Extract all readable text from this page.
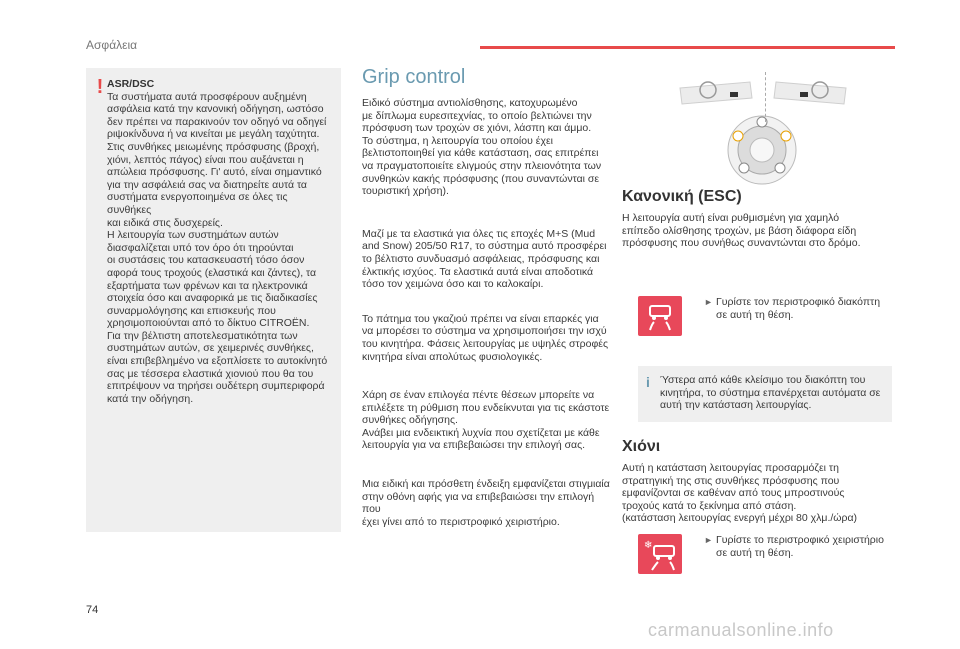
Ασφάλεια
! ASR/DSC
Τα συστήματα αυτά προσφέρουν αυξημένη
ασφάλεια κατά την κανονική οδήγηση, ωστόσο
δεν πρέπει να παρακινούν τον οδηγό να οδηγεί
ριψοκίνδυνα ή να κινείται με μεγάλη ταχύτητα.
Στις συνθήκες μειωμένης πρόσφυσης (βροχή,
χιόνι, λεπτός πάγος) είναι που αυξάνεται η
απώλεια πρόσφυσης. Γι' αυτό, είναι σημαντικό
για την ασφάλειά σας να διατηρείτε αυτά τα
συστήματα ενεργοποιημένα σε όλες τις συνθήκες
και ειδικά στις δυσχερείς.
Η λειτουργία των συστημάτων αυτών
διασφαλίζεται υπό τον όρο ότι τηρούνται
οι συστάσεις του κατασκευαστή τόσο όσον
αφορά τους τροχούς (ελαστικά και ζάντες), τα
εξαρτήματα των φρένων και τα ηλεκτρονικά
στοιχεία όσο και αναφορικά με τις διαδικασίες
συναρμολόγησης και επισκευής που
χρησιμοποιούνται από το δίκτυο CITROËN.
Για την βέλτιστη αποτελεσματικότητα των
συστημάτων αυτών, σε χειμερινές συνθήκες,
είναι επιβεβλημένο να εξοπλίσετε το αυτοκίνητό
σας με τέσσερα ελαστικά χιονιού που θα του
επιτρέψουν να τηρήσει ουδέτερη συμπεριφορά
κατά την οδήγηση.
Grip control
Ειδικό σύστημα αντιολίσθησης, κατοχυρωμένο
με δίπλωμα ευρεσιτεχνίας, το οποίο βελτιώνει την
πρόσφυση των τροχών σε χιόνι, λάσπη και άμμο.
Το σύστημα, η λειτουργία του οποίου έχει
βελτιστοποιηθεί για κάθε κατάσταση, σας επιτρέπει
να πραγματοποιείτε ελιγμούς στην πλειονότητα των
συνθηκών κακής πρόσφυσης (που συναντώνται σε
τουριστική χρήση).
Μαζί με τα ελαστικά για όλες τις εποχές M+S (Mud
and Snow) 205/50 R17, το σύστημα αυτό προσφέρει
το βέλτιστο συνδυασμό ασφάλειας, πρόσφυσης και
έλκτικής ισχύος. Τα ελαστικά αυτά είναι αποδοτικά
τόσο τον χειμώνα όσο και το καλοκαίρι.
Το πάτημα του γκαζιού πρέπει να είναι επαρκές για
να μπορέσει το σύστημα να χρησιμοποιήσει την ισχύ
του κινητήρα. Φάσεις λειτουργίας με υψηλές στροφές
κινητήρα είναι απολύτως φυσιολογικές.
Χάρη σε έναν επιλογέα πέντε θέσεων μπορείτε να
επιλέξετε τη ρύθμιση που ενδείκνυται για τις εκάστοτε
συνθήκες οδήγησης.
Ανάβει μια ενδεικτική λυχνία που σχετίζεται με κάθε
λειτουργία για να επιβεβαιώσει την επιλογή σας.
Μια ειδική και πρόσθετη ένδειξη εμφανίζεται στιγμιαία
στην οθόνη αφής για να επιβεβαιώσει την επιλογή που
έχει γίνει από το περιστροφικό χειριστήριο.
Κανονική (ESC)
Η λειτουργία αυτή είναι ρυθμισμένη για χαμηλό
επίπεδο ολίσθησης τροχών, με βάση διάφορα είδη
πρόσφυσης που συνήθως συναντώνται στο δρόμο.
► Γυρίστε τον περιστροφικό διακόπτη
σε αυτή τη θέση.
i Ύστερα από κάθε κλείσιμο του διακόπτη του
κινητήρα, το σύστημα επανέρχεται αυτόματα σε
αυτή την κατάσταση λειτουργίας.
Χιόνι
Αυτή η κατάσταση λειτουργίας προσαρμόζει τη
στρατηγική της στις συνθήκες πρόσφυσης που
εμφανίζονται σε καθέναν από τους μπροστινούς
τροχούς κατά το ξεκίνημα από στάση.
(κατάσταση λειτουργίας ενεργή μέχρι 80 χλμ./ώρα)
❄	► Γυρίστε το περιστροφικό χειριστήριο
σε αυτή τη θέση.
74
carmanualsonline.info
